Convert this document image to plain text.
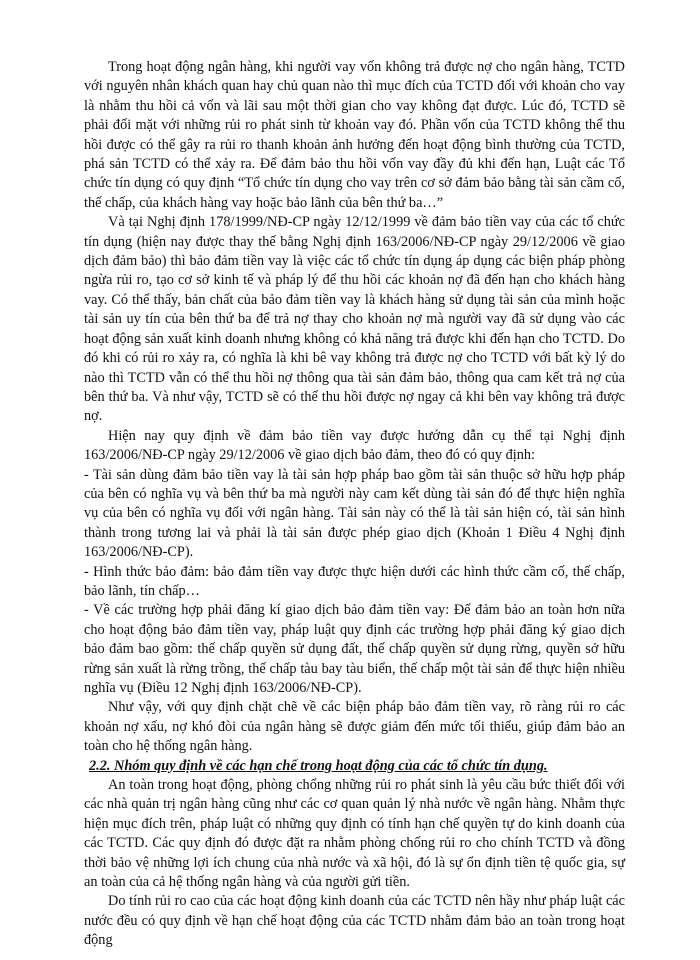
Trong hoạt động ngân hàng, khi người vay vốn không trả được nợ cho ngân hàng, TCTD với nguyên nhân khách quan hay chủ quan nào thì mục đích của TCTD đối với khoản cho vay là nhằm thu hồi cả vốn và lãi sau một thời gian cho vay không đạt được. Lúc đó, TCTD sẽ phải đối mặt với những rủi ro phát sinh từ khoản vay đó. Phần vốn của TCTD không thể thu hồi được có thể gây ra rủi ro thanh khoản ảnh hưởng đến hoạt động bình thường của TCTD, phá sản TCTD có thể xảy ra. Để đảm bảo thu hồi vốn vay đầy đủ khi đến hạn, Luật các Tổ chức tín dụng có quy định “Tổ chức tín dụng cho vay trên cơ sở đảm bảo bằng tài sản cầm cố, thế chấp, của khách hàng vay hoặc bảo lãnh của bên thứ ba…”

Và tại Nghị định 178/1999/NĐ-CP ngày 12/12/1999 về đảm bảo tiền vay của các tổ chức tín dụng (hiện nay được thay thế bằng Nghị định 163/2006/NĐ-CP ngày 29/12/2006 về giao dịch đảm bảo) thì bảo đảm tiền vay là việc các tổ chức tín dụng áp dụng các biện pháp phòng ngừa rủi ro, tạo cơ sở kinh tế và pháp lý để thu hồi các khoản nợ đã đến hạn cho khách hàng vay. Có thể thấy, bản chất của bảo đảm tiền vay là khách hàng sử dụng tài sản của mình hoặc tài sản uy tín của bên thứ ba để trả nợ thay cho khoản nợ mà người vay đã sử dụng vào các hoạt động sản xuất kinh doanh nhưng không có khả năng trả được khi đến hạn cho TCTD. Do đó khi có rủi ro xảy ra, có nghĩa là khi bê vay không trả được nợ cho TCTD với bất kỳ lý do nào thì TCTD vẫn có thể thu hồi nợ thông qua tài sản đảm bảo, thông qua cam kết trả nợ của bên thứ ba. Và như vậy, TCTD sẽ có thể thu hồi được nợ ngay cả khi bên vay không trả được nợ.

Hiện nay quy định về đảm bảo tiền vay được hướng dẫn cụ thể tại Nghị định 163/2006/NĐ-CP ngày 29/12/2006 về giao dịch bảo đảm, theo đó có quy định:

- Tài sản dùng đảm bảo tiền vay là tài sản hợp pháp bao gồm tài sản thuộc sở hữu hợp pháp của bên có nghĩa vụ và bên thứ ba mà người này cam kết dùng tài sản đó để thực hiện nghĩa vụ của bên có nghĩa vụ đối với ngân hàng. Tài sản này có thể là tài sản hiện có, tài sản hình thành trong tương lai và phải là tài sản được phép giao dịch (Khoản 1 Điều 4 Nghị định 163/2006/NĐ-CP).

- Hình thức bảo đảm: bảo đảm tiền vay được thực hiện dưới các hình thức cầm cố, thế chấp, bảo lãnh, tín chấp…

- Về các trường hợp phải đăng kí giao dịch bảo đảm tiền vay: Để đảm bảo an toàn hơn nữa cho hoạt động bảo đảm tiền vay, pháp luật quy định các trường hợp phải đăng ký giao dịch bảo đảm bao gồm: thế chấp quyền sử dụng đất, thế chấp quyền sử dụng rừng, quyền sở hữu rừng sản xuất là rừng trồng, thế chấp tàu bay tàu biển, thế chấp một tài sản để thực hiện nhiều nghĩa vụ (Điều 12 Nghị định 163/2006/NĐ-CP).

Như vậy, với quy định chặt chẽ về các biện pháp bảo đảm tiền vay, rõ ràng rủi ro các khoản nợ xấu, nợ khó đòi của ngân hàng sẽ được giảm đến mức tối thiểu, giúp đảm bảo an toàn cho hệ thống ngân hàng.

2.2. Nhóm quy định về các hạn chế trong hoạt động của các tổ chức tín dụng.

An toàn trong hoạt động, phòng chống những rủi ro phát sinh là yêu cầu bức thiết đối với các nhà quản trị ngân hàng cũng như các cơ quan quản lý nhà nước về ngân hàng. Nhằm thực hiện mục đích trên, pháp luật có những quy định có tính hạn chế quyền tự do kinh doanh của các TCTD. Các quy định đó được đặt ra nhằm phòng chống rủi ro cho chính TCTD và đồng thời bảo vệ những lợi ích chung của nhà nước và xã hội, đó là sự ổn định tiền tệ quốc gia, sự an toàn của cả hệ thống ngân hàng và của người gửi tiền.

Do tính rủi ro cao của các hoạt động kinh doanh của các TCTD nên hầy như pháp luật các nước đều có quy định về hạn chế hoạt động của các TCTD nhằm đảm bảo an toàn trong hoạt động
